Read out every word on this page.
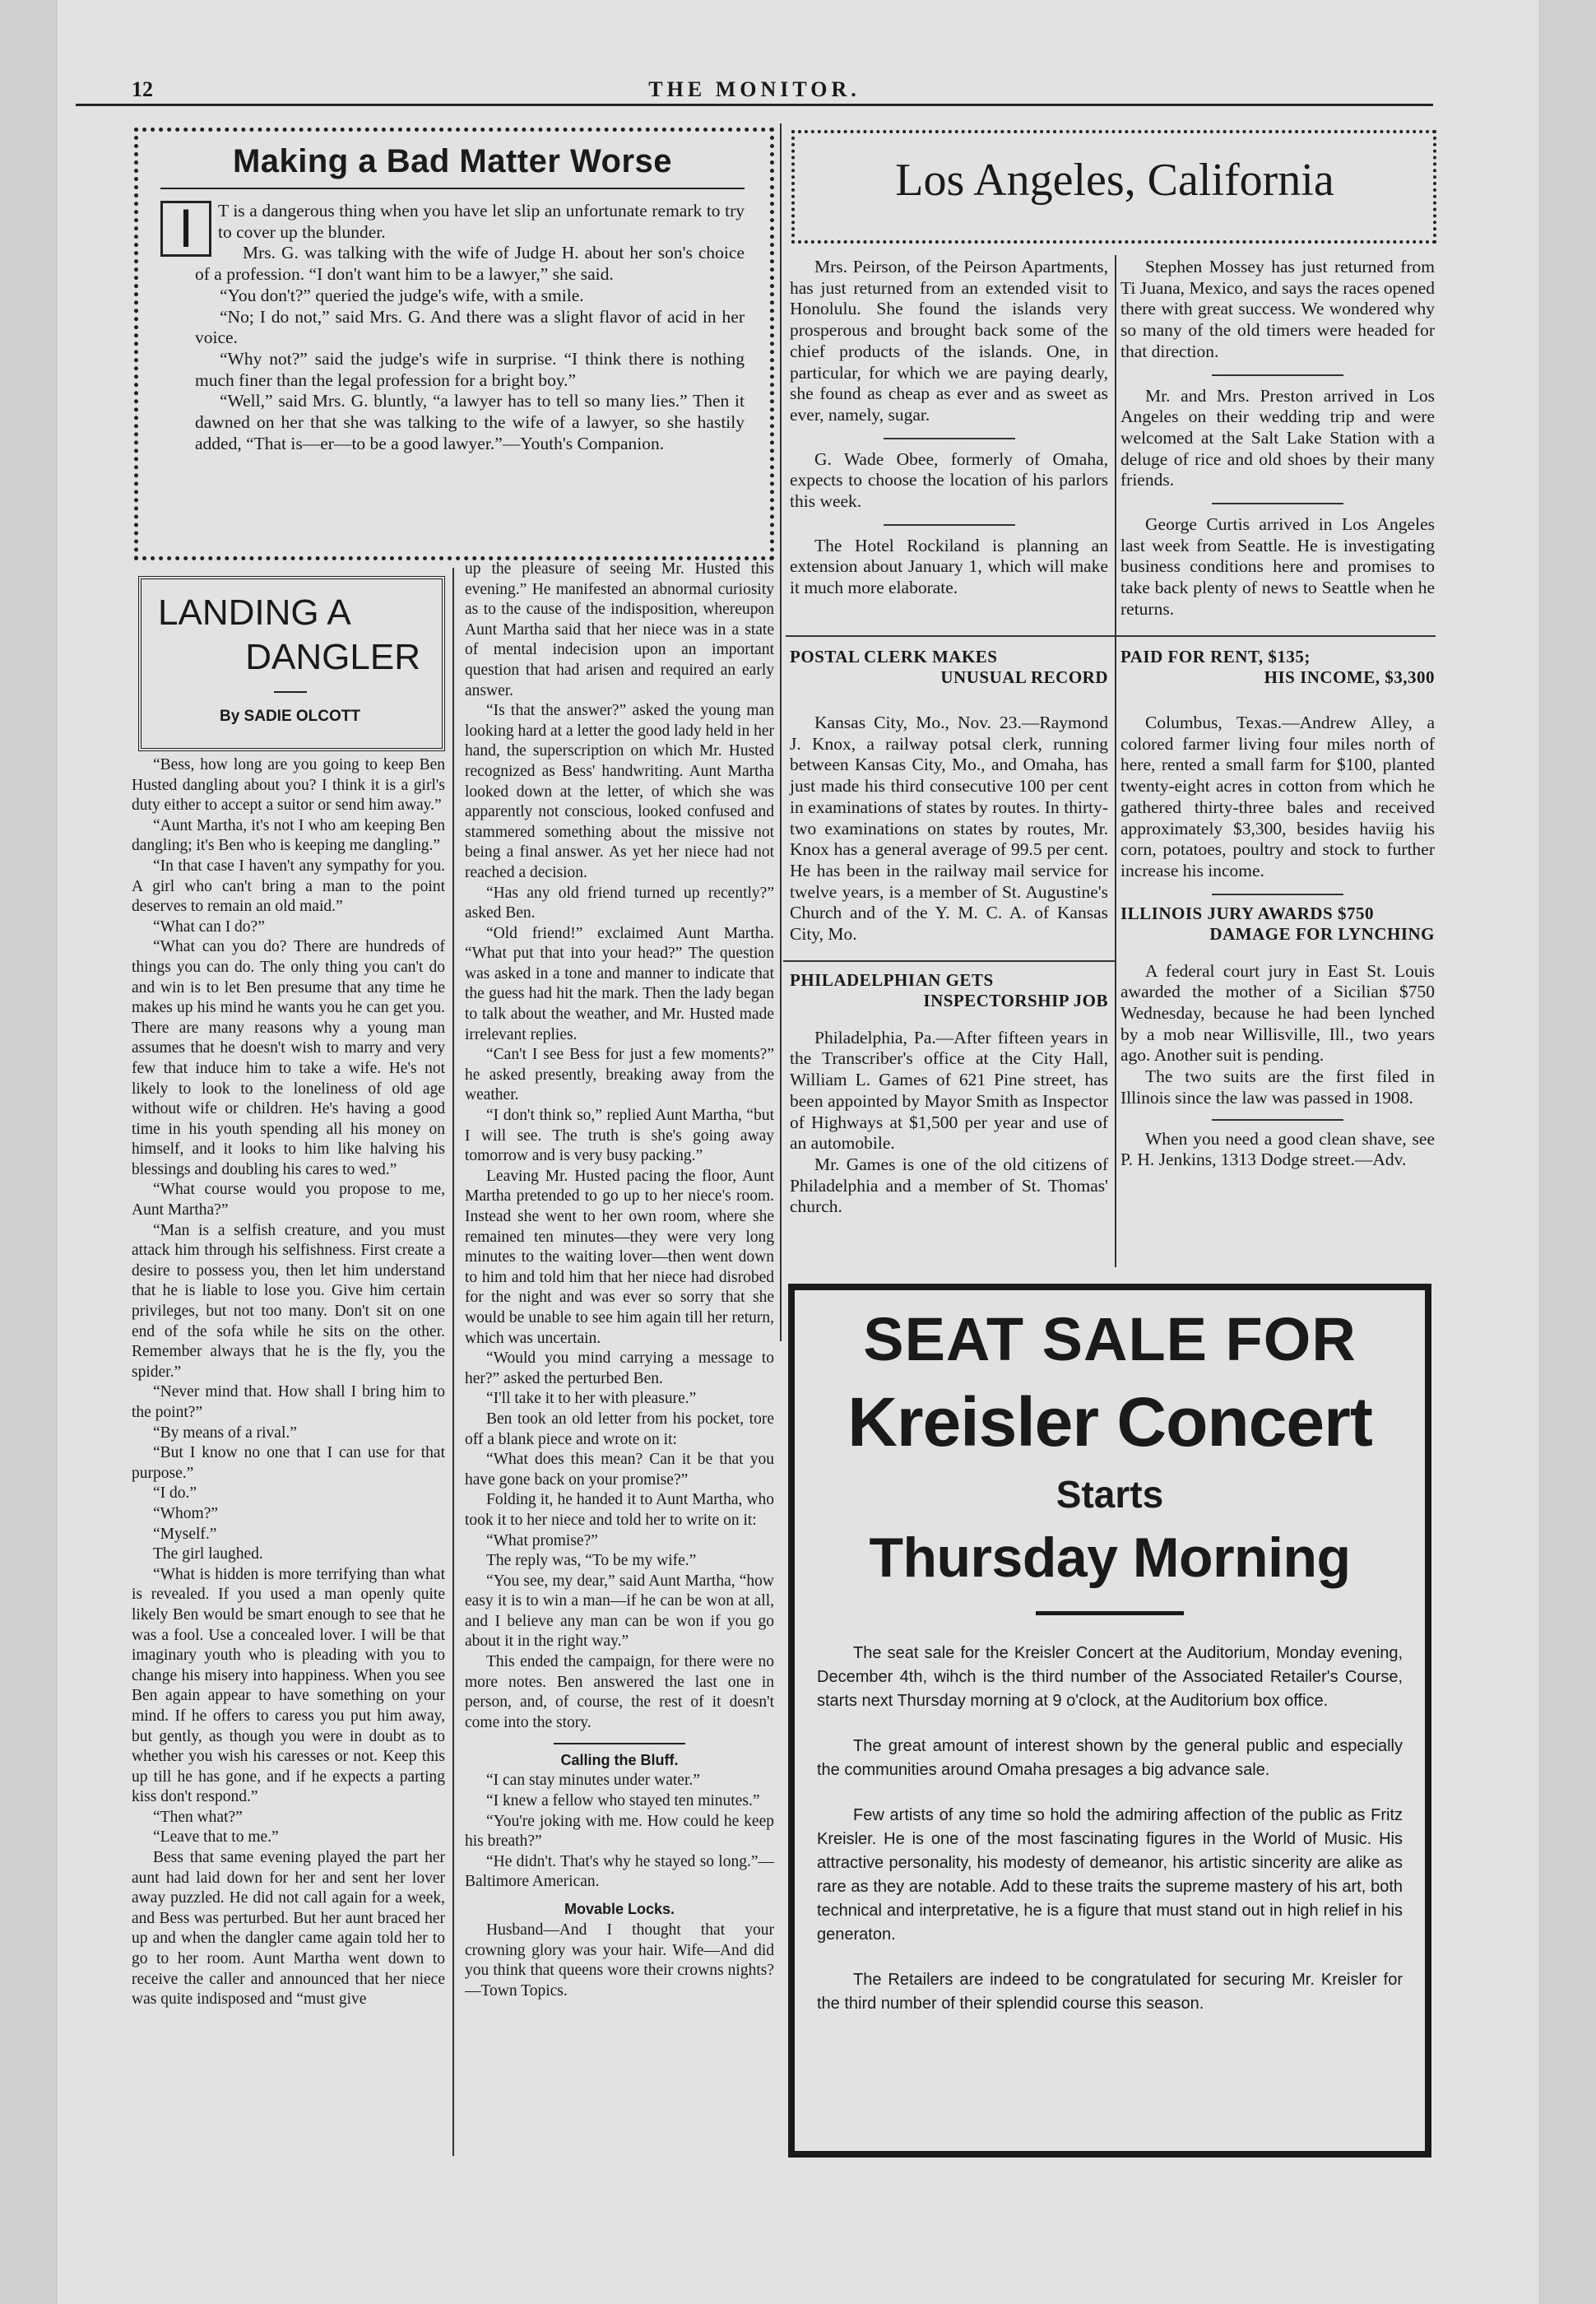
12	THE MONITOR.
Making a Bad Matter Worse
I	T is a dangerous thing when you have let slip an unfortunate remark to try to cover up the blunder.

Mrs. G. was talking with the wife of Judge H. about her son's choice of a profession. “I don't want him to be a lawyer,” she said.

“You don't?” queried the judge's wife, with a smile.

“No; I do not,” said Mrs. G. And there was a slight flavor of acid in her voice.

“Why not?” said the judge's wife in surprise. “I think there is nothing much finer than the legal profession for a bright boy.”

“Well,” said Mrs. G. bluntly, “a lawyer has to tell so many lies.” Then it dawned on her that she was talking to the wife of a lawyer, so she hastily added, “That is—er—to be a good lawyer.”—Youth's Companion.

LANDING A
DANGLER
By SADIE OLCOTT

“Bess, how long are you going to keep Ben Husted dangling about you? I think it is a girl's duty either to accept a suitor or send him away.”

“Aunt Martha, it's not I who am keeping Ben dangling; it's Ben who is keeping me dangling.”

“In that case I haven't any sympathy for you. A girl who can't bring a man to the point deserves to remain an old maid.”

“What can I do?”

“What can you do? There are hundreds of things you can do. The only thing you can't do and win is to let Ben presume that any time he makes up his mind he wants you he can get you. There are many reasons why a young man assumes that he doesn't wish to marry and very few that induce him to take a wife. He's not likely to look to the loneliness of old age without wife or children. He's having a good time in his youth spending all his money on himself, and it looks to him like halving his blessings and doubling his cares to wed.”

“What course would you propose to me, Aunt Martha?”

“Man is a selfish creature, and you must attack him through his selfishness. First create a desire to possess you, then let him understand that he is liable to lose you. Give him certain privileges, but not too many. Don't sit on one end of the sofa while he sits on the other. Remember always that he is the fly, you the spider.”

“Never mind that. How shall I bring him to the point?”

“By means of a rival.”

“But I know no one that I can use for that purpose.”

“I do.”

“Whom?”

“Myself.”

The girl laughed.

“What is hidden is more terrifying than what is revealed. If you used a man openly quite likely Ben would be smart enough to see that he was a fool. Use a concealed lover. I will be that imaginary youth who is pleading with you to change his misery into happiness. When you see Ben again appear to have something on your mind. If he offers to caress you put him away, but gently, as though you were in doubt as to whether you wish his caresses or not. Keep this up till he has gone, and if he expects a parting kiss don't respond.”

“Then what?”

“Leave that to me.”

Bess that same evening played the part her aunt had laid down for her and sent her lover away puzzled. He did not call again for a week, and Bess was perturbed. But her aunt braced her up and when the dangler came again told her to go to her room. Aunt Martha went down to receive the caller and announced that her niece was quite indisposed and “must give

up the pleasure of seeing Mr. Husted this evening.” He manifested an abnormal curiosity as to the cause of the indisposition, whereupon Aunt Martha said that her niece was in a state of mental indecision upon an important question that had arisen and required an early answer.

“Is that the answer?” asked the young man looking hard at a letter the good lady held in her hand, the superscription on which Mr. Husted recognized as Bess' handwriting. Aunt Martha looked down at the letter, of which she was apparently not conscious, looked confused and stammered something about the missive not being a final answer. As yet her niece had not reached a decision.

“Has any old friend turned up recently?” asked Ben.

“Old friend!” exclaimed Aunt Martha. “What put that into your head?” The question was asked in a tone and manner to indicate that the guess had hit the mark. Then the lady began to talk about the weather, and Mr. Husted made irrelevant replies.

“Can't I see Bess for just a few moments?” he asked presently, breaking away from the weather.

“I don't think so,” replied Aunt Martha, “but I will see. The truth is she's going away tomorrow and is very busy packing.”

Leaving Mr. Husted pacing the floor, Aunt Martha pretended to go up to her niece's room. Instead she went to her own room, where she remained ten minutes—they were very long minutes to the waiting lover—then went down to him and told him that her niece had disrobed for the night and was ever so sorry that she would be unable to see him again till her return, which was uncertain.

“Would you mind carrying a message to her?” asked the perturbed Ben.

“I'll take it to her with pleasure.”

Ben took an old letter from his pocket, tore off a blank piece and wrote on it:

“What does this mean? Can it be that you have gone back on your promise?”

Folding it, he handed it to Aunt Martha, who took it to her niece and told her to write on it:

“What promise?”

The reply was, “To be my wife.”

“You see, my dear,” said Aunt Martha, “how easy it is to win a man—if he can be won at all, and I believe any man can be won if you go about it in the right way.”

This ended the campaign, for there were no more notes. Ben answered the last one in person, and, of course, the rest of it doesn't come into the story.

Calling the Bluff.

“I can stay minutes under water.”

“I knew a fellow who stayed ten minutes.”

“You're joking with me. How could he keep his breath?”

“He didn't. That's why he stayed so long.”—Baltimore American.

Movable Locks.

Husband—And I thought that your crowning glory was your hair. Wife—And did you think that queens wore their crowns nights?—Town Topics.

Los Angeles, California

Mrs. Peirson, of the Peirson Apartments, has just returned from an extended visit to Honolulu. She found the islands very prosperous and brought back some of the chief products of the islands. One, in particular, for which we are paying dearly, she found as cheap as ever and as sweet as ever, namely, sugar.

G. Wade Obee, formerly of Omaha, expects to choose the location of his parlors this week.

The Hotel Rockiland is planning an extension about January 1, which will make it much more elaborate.

Stephen Mossey has just returned from Ti Juana, Mexico, and says the races opened there with great success. We wondered why so many of the old timers were headed for that direction.

Mr. and Mrs. Preston arrived in Los Angeles on their wedding trip and were welcomed at the Salt Lake Station with a deluge of rice and old shoes by their many friends.

George Curtis arrived in Los Angeles last week from Seattle. He is investigating business conditions here and promises to take back plenty of news to Seattle when he returns.

POSTAL CLERK MAKES
UNUSUAL RECORD

Kansas City, Mo., Nov. 23.—Raymond J. Knox, a railway potsal clerk, running between Kansas City, Mo., and Omaha, has just made his third consecutive 100 per cent in examinations of states by routes. In thirty-two examinations on states by routes, Mr. Knox has a general average of 99.5 per cent. He has been in the railway mail service for twelve years, is a member of St. Augustine's Church and of the Y. M. C. A. of Kansas City, Mo.

PHILADELPHIAN GETS
INSPECTORSHIP JOB

Philadelphia, Pa.—After fifteen years in the Transcriber's office at the City Hall, William L. Games of 621 Pine street, has been appointed by Mayor Smith as Inspector of Highways at $1,500 per year and use of an automobile.

Mr. Games is one of the old citizens of Philadelphia and a member of St. Thomas' church.

PAID FOR RENT, $135;
HIS INCOME, $3,300

Columbus, Texas.—Andrew Alley, a colored farmer living four miles north of here, rented a small farm for $100, planted twenty-eight acres in cotton from which he gathered thirty-three bales and received approximately $3,300, besides haviig his corn, potatoes, poultry and stock to further increase his income.

ILLINOIS JURY AWARDS $750
DAMAGE FOR LYNCHING

A federal court jury in East St. Louis awarded the mother of a Sicilian $750 Wednesday, because he had been lynched by a mob near Willisville, Ill., two years ago. Another suit is pending.

The two suits are the first filed in Illinois since the law was passed in 1908.

When you need a good clean shave, see P. H. Jenkins, 1313 Dodge street.—Adv.

SEAT SALE FOR
Kreisler Concert
Starts
Thursday Morning

The seat sale for the Kreisler Concert at the Auditorium, Monday evening, December 4th, wihch is the third number of the Associated Retailer's Course, starts next Thursday morning at 9 o'clock, at the Auditorium box office.

The great amount of interest shown by the general public and especially the communities around Omaha presages a big advance sale.

Few artists of any time so hold the admiring affection of the public as Fritz Kreisler. He is one of the most fascinating figures in the World of Music. His attractive personality, his modesty of demeanor, his artistic sincerity are alike as rare as they are notable. Add to these traits the supreme mastery of his art, both technical and interpretative, he is a figure that must stand out in high relief in his generaton.

The Retailers are indeed to be congratulated for securing Mr. Kreisler for the third number of their splendid course this season.
